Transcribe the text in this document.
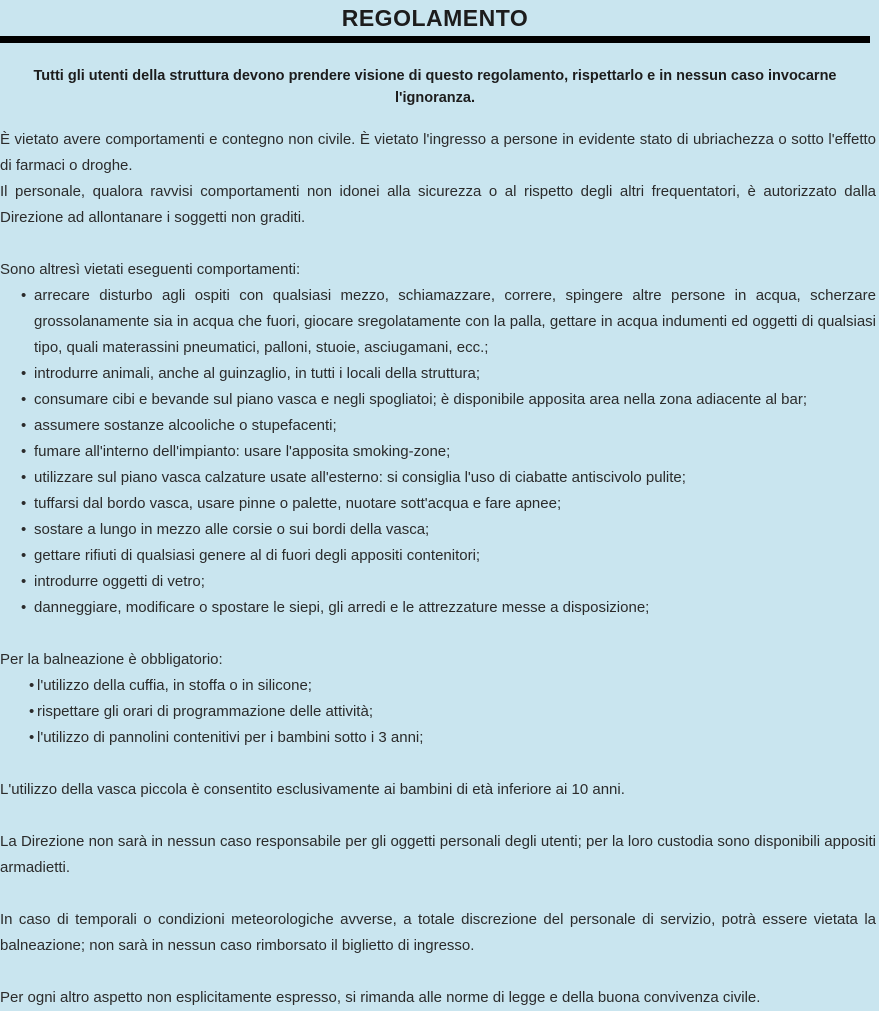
REGOLAMENTO
Tutti gli utenti della struttura devono prendere visione di questo regolamento, rispettarlo e in nessun caso invocarne l'ignoranza.

È vietato avere comportamenti e contegno non civile. È vietato l'ingresso a persone in evidente stato di ubriachezza o sotto l'effetto di farmaci o droghe.

Il personale, qualora ravvisi comportamenti non idonei alla sicurezza o al rispetto degli altri frequentatori, è autorizzato dalla Direzione ad allontanare i soggetti non graditi.

Sono altresì vietati eseguenti comportamenti:

• arrecare disturbo agli ospiti con qualsiasi mezzo, schiamazzare, correre, spingere altre persone in acqua, scherzare grossolanamente sia in acqua che fuori, giocare sregolatamente con la palla, gettare in acqua indumenti ed oggetti di qualsiasi tipo, quali materassini pneumatici, palloni, stuoie, asciugamani, ecc.;
• introdurre animali, anche al guinzaglio, in tutti i locali della struttura;
• consumare cibi e bevande sul piano vasca e negli spogliatoi; è disponibile apposita area nella zona adiacente al bar;
• assumere sostanze alcooliche o stupefacenti;
• fumare all'interno dell'impianto: usare l'apposita smoking-zone;
• utilizzare sul piano vasca calzature usate all'esterno: si consiglia l'uso di ciabatte antiscivolo pulite;
• tuffarsi dal bordo vasca, usare pinne o palette, nuotare sott'acqua e fare apnee;
• sostare a lungo in mezzo alle corsie o sui bordi della vasca;
• gettare rifiuti di qualsiasi genere al di fuori degli appositi contenitori;
• introdurre oggetti di vetro;
• danneggiare, modificare o spostare le siepi, gli arredi e le attrezzature messe a disposizione;

Per la balneazione è obbligatorio:

• l'utilizzo della cuffia, in stoffa o in silicone;
• rispettare gli orari di programmazione delle attività;
• l'utilizzo di pannolini contenitivi per i bambini sotto i 3 anni;

L'utilizzo della vasca piccola è consentito esclusivamente ai bambini di età inferiore ai 10 anni.

La Direzione non sarà in nessun caso responsabile per gli oggetti personali degli utenti; per la loro custodia sono disponibili appositi armadietti.

In caso di temporali o condizioni meteorologiche avverse, a totale discrezione del personale di servizio, potrà essere vietata la balneazione; non sarà in nessun caso rimborsato il biglietto di ingresso.

Per ogni altro aspetto non esplicitamente espresso, si rimanda alle norme di legge e della buona convivenza civile.
